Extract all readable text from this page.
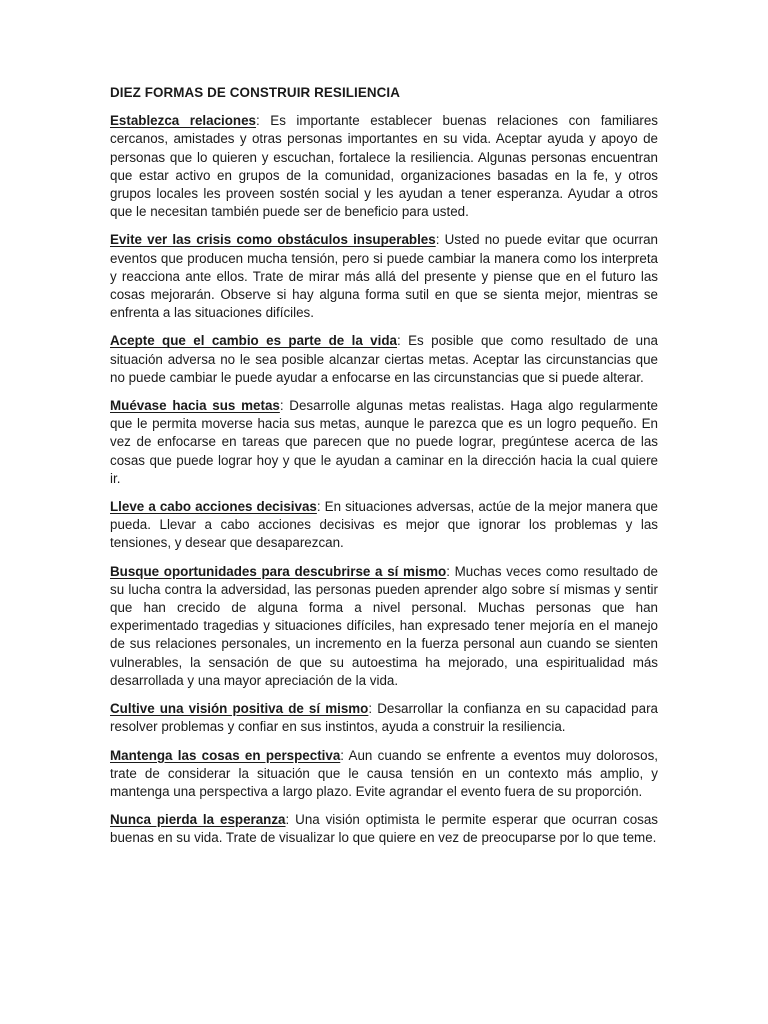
DIEZ FORMAS DE CONSTRUIR RESILIENCIA

Establezca relaciones: Es importante establecer buenas relaciones con familiares cercanos, amistades y otras personas importantes en su vida. Aceptar ayuda y apoyo de personas que lo quieren y escuchan, fortalece la resiliencia. Algunas personas encuentran que estar activo en grupos de la comunidad, organizaciones basadas en la fe, y otros grupos locales les proveen sostén social y les ayudan a tener esperanza. Ayudar a otros que le necesitan también puede ser de beneficio para usted.

Evite ver las crisis como obstáculos insuperables: Usted no puede evitar que ocurran eventos que producen mucha tensión, pero si puede cambiar la manera como los interpreta y reacciona ante ellos. Trate de mirar más allá del presente y piense que en el futuro las cosas mejorarán. Observe si hay alguna forma sutil en que se sienta mejor, mientras se enfrenta a las situaciones difíciles.

Acepte que el cambio es parte de la vida: Es posible que como resultado de una situación adversa no le sea posible alcanzar ciertas metas. Aceptar las circunstancias que no puede cambiar le puede ayudar a enfocarse en las circunstancias que si puede alterar.

Muévase hacia sus metas: Desarrolle algunas metas realistas. Haga algo regularmente que le permita moverse hacia sus metas, aunque le parezca que es un logro pequeño. En vez de enfocarse en tareas que parecen que no puede lograr, pregúntese acerca de las cosas que puede lograr hoy y que le ayudan a caminar en la dirección hacia la cual quiere ir.

Lleve a cabo acciones decisivas: En situaciones adversas, actúe de la mejor manera que pueda. Llevar a cabo acciones decisivas es mejor que ignorar los problemas y las tensiones, y desear que desaparezcan.

Busque oportunidades para descubrirse a sí mismo: Muchas veces como resultado de su lucha contra la adversidad, las personas pueden aprender algo sobre sí mismas y sentir que han crecido de alguna forma a nivel personal. Muchas personas que han experimentado tragedias y situaciones difíciles, han expresado tener mejoría en el manejo de sus relaciones personales, un incremento en la fuerza personal aun cuando se sienten vulnerables, la sensación de que su autoestima ha mejorado, una espiritualidad más desarrollada y una mayor apreciación de la vida.

Cultive una visión positiva de sí mismo: Desarrollar la confianza en su capacidad para resolver problemas y confiar en sus instintos, ayuda a construir la resiliencia.

Mantenga las cosas en perspectiva: Aun cuando se enfrente a eventos muy dolorosos, trate de considerar la situación que le causa tensión en un contexto más amplio, y mantenga una perspectiva a largo plazo. Evite agrandar el evento fuera de su proporción.

Nunca pierda la esperanza: Una visión optimista le permite esperar que ocurran cosas buenas en su vida. Trate de visualizar lo que quiere en vez de preocuparse por lo que teme.
